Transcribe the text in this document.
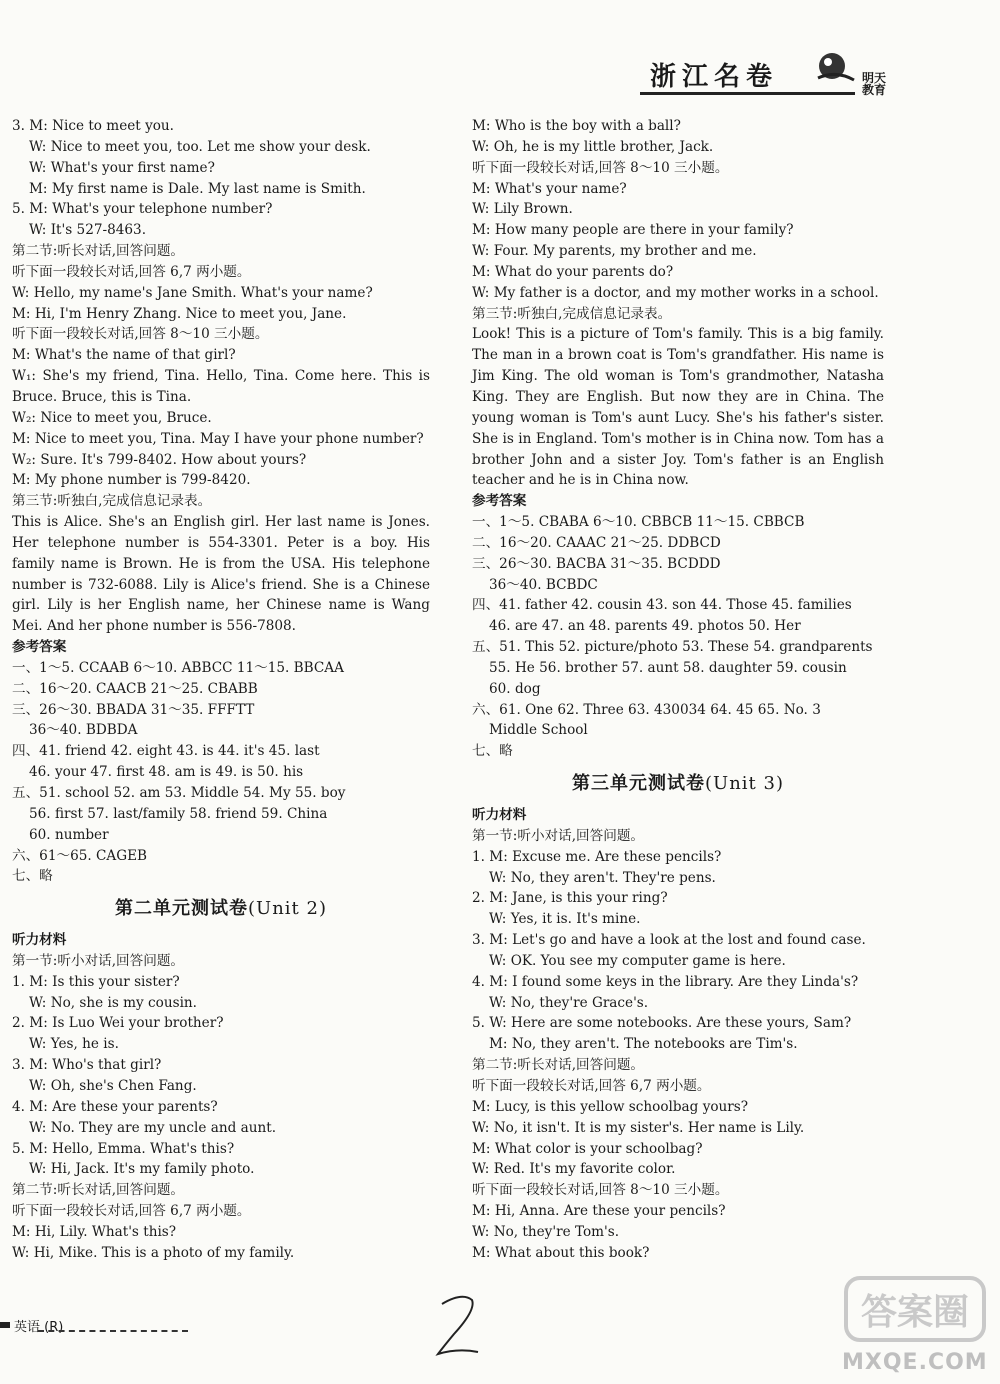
浙江名卷	明天教育
3. M: Nice to meet you.
W: Nice to meet you, too. Let me show your desk.
W: What's your first name?
M: My first name is Dale. My last name is Smith.
5. M: What's your telephone number?
W: It's 527-8463.
第二节:听长对话,回答问题。
听下面一段较长对话,回答 6,7 两小题。
W: Hello, my name's Jane Smith. What's your name?
M: Hi, I'm Henry Zhang. Nice to meet you, Jane.
听下面一段较长对话,回答 8～10 三小题。
M: What's the name of that girl?
W₁: She's my friend, Tina. Hello, Tina. Come here. This is Bruce. Bruce, this is Tina.
W₂: Nice to meet you, Bruce.
M: Nice to meet you, Tina. May I have your phone number?
W₂: Sure. It's 799-8402. How about yours?
M: My phone number is 799-8420.
第三节:听独白,完成信息记录表。
This is Alice. She's an English girl. Her last name is Jones. Her telephone number is 554-3301. Peter is a boy. His family name is Brown. He is from the USA. His telephone number is 732-6088. Lily is Alice's friend. She is a Chinese girl. Lily is her English name, her Chinese name is Wang Mei. And her phone number is 556-7808.
参考答案
一、1～5. CCAAB 6～10. ABBCC 11～15. BBCAA
二、16～20. CAACB 21～25. CBABB
三、26～30. BBADA 31～35. FFFTT
36～40. BDBDA
四、41. friend 42. eight 43. is 44. it's 45. last
46. your 47. first 48. am is 49. is 50. his
五、51. school 52. am 53. Middle 54. My 55. boy
56. first 57. last/family 58. friend 59. China
60. number
六、61～65. CAGEB
七、略
第二单元测试卷(Unit 2)
听力材料
第一节:听小对话,回答问题。
1. M: Is this your sister?
W: No, she is my cousin.
2. M: Is Luo Wei your brother?
W: Yes, he is.
3. M: Who's that girl?
W: Oh, she's Chen Fang.
4. M: Are these your parents?
W: No. They are my uncle and aunt.
5. M: Hello, Emma. What's this?
W: Hi, Jack. It's my family photo.
第二节:听长对话,回答问题。
听下面一段较长对话,回答 6,7 两小题。
M: Hi, Lily. What's this?
W: Hi, Mike. This is a photo of my family.
M: Who is the boy with a ball?
W: Oh, he is my little brother, Jack.
听下面一段较长对话,回答 8～10 三小题。
M: What's your name?
W: Lily Brown.
M: How many people are there in your family?
W: Four. My parents, my brother and me.
M: What do your parents do?
W: My father is a doctor, and my mother works in a school.
第三节:听独白,完成信息记录表。
Look! This is a picture of Tom's family. This is a big family. The man in a brown coat is Tom's grandfather. His name is Jim King. The old woman is Tom's grandmother, Natasha King. They are English. But now they are in China. The young woman is Tom's aunt Lucy. She's his father's sister. She is in England. Tom's mother is in China now. Tom has a brother John and a sister Joy. Tom's father is an English teacher and he is in China now.
参考答案
一、1～5. CBABA 6～10. CBBCB 11～15. CBBCB
二、16～20. CAAAC 21～25. DDBCD
三、26～30. BACBA 31～35. BCDDD
36～40. BCBDC
四、41. father 42. cousin 43. son 44. Those 45. families
46. are 47. an 48. parents 49. photos 50. Her
五、51. This 52. picture/photo 53. These 54. grandparents
55. He 56. brother 57. aunt 58. daughter 59. cousin
60. dog
六、61. One 62. Three 63. 430034 64. 45 65. No. 3
Middle School
七、略
第三单元测试卷(Unit 3)
听力材料
第一节:听小对话,回答问题。
1. M: Excuse me. Are these pencils?
W: No, they aren't. They're pens.
2. M: Jane, is this your ring?
W: Yes, it is. It's mine.
3. M: Let's go and have a look at the lost and found case.
W: OK. You see my computer game is here.
4. M: I found some keys in the library. Are they Linda's?
W: No, they're Grace's.
5. W: Here are some notebooks. Are these yours, Sam?
M: No, they aren't. The notebooks are Tim's.
第二节:听长对话,回答问题。
听下面一段较长对话,回答 6,7 两小题。
M: Lucy, is this yellow schoolbag yours?
W: No, it isn't. It is my sister's. Her name is Lily.
M: What color is your schoolbag?
W: Red. It's my favorite color.
听下面一段较长对话,回答 8～10 三小题。
M: Hi, Anna. Are these your pencils?
W: No, they're Tom's.
M: What about this book?
英语 (R)	答案圈
MXQE.COM
